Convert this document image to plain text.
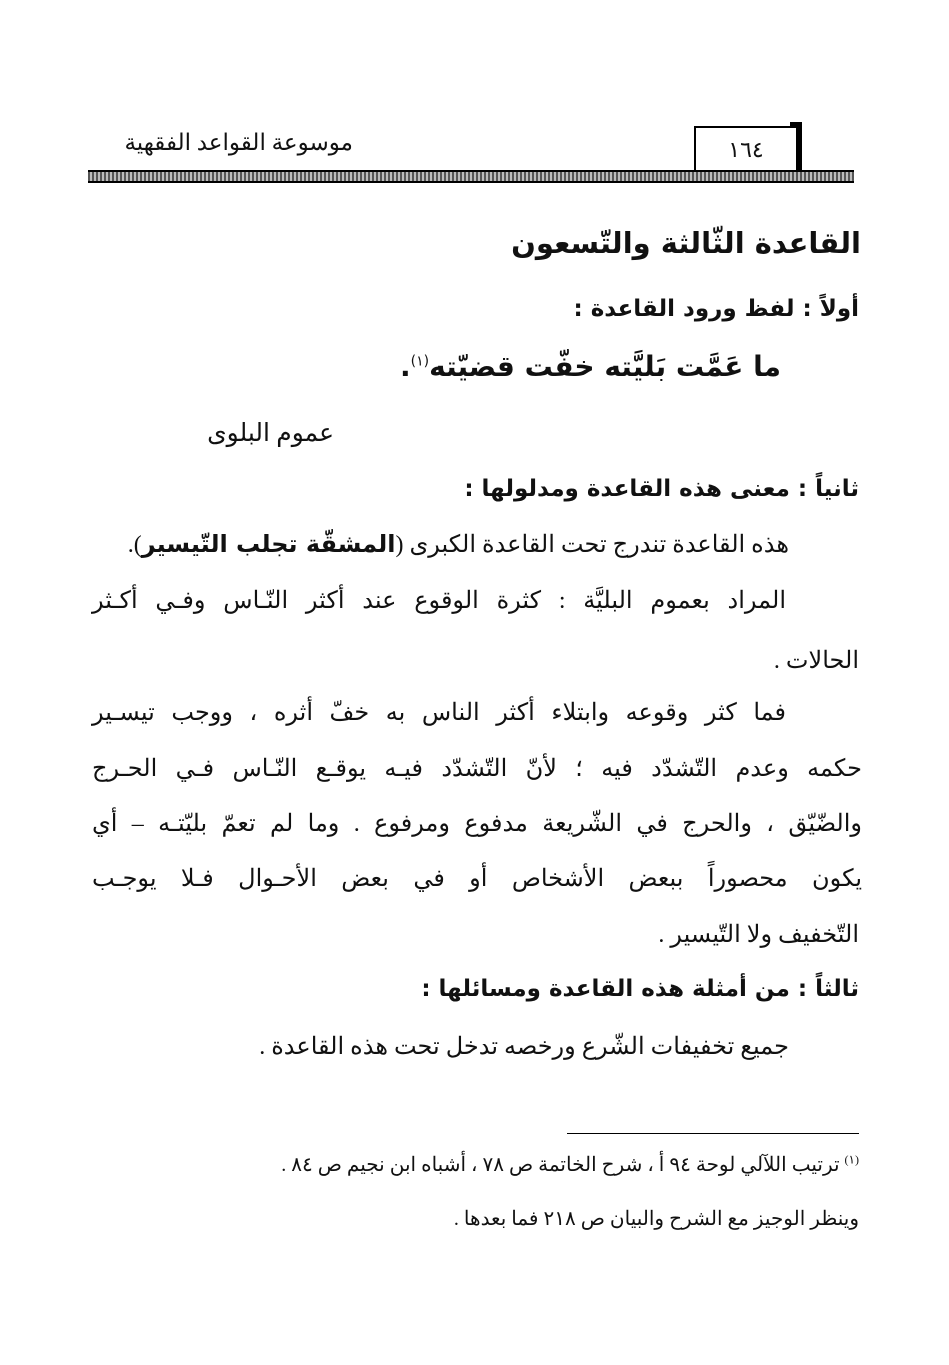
موسوعة القواعد الفقهية	١٦٤
القاعدة الثّالثة والتّسعون
أولاً : لفظ ورود القاعدة :
ما عَمَّت بَليَّته خفّت قضيّته$^{(١)}$.
عموم البلوى
ثانياً : معنى هذه القاعدة ومدلولها :
هذه القاعدة تندرج تحت القاعدة الكبرى (المشقّة تجلب التّيسير).
المراد بعموم البليَّة : كثرة الوقوع عند أكثر النّـاس وفـي أكـثر
الحالات .
فما كثر وقوعه وابتلاء أكثر الناس به خفّ أثره ، ووجب تيسـير
حكمه وعدم التّشدّد فيه ؛ لأنّ التّشدّد فيـه يوقـع النّـاس فـي الحـرج
والضّيّق ، والحرج في الشّريعة مدفوع ومرفوع . وما لم تعمّ بليّتـه – أي
يكون محصوراً ببعض الأشخاص أو في بعض الأحـوال فـلا يوجـب
التّخفيف ولا التّيسير .
ثالثاً : من أمثلة هذه القاعدة ومسائلها :
جميع تخفيفات الشّرع ورخصه تدخل تحت هذه القاعدة .
$^{(١)}$ ترتيب اللآلي لوحة ٩٤ أ ، شرح الخاتمة ص ٧٨ ، أشباه ابن نجيم ص ٨٤ .
وينظر الوجيز مع الشرح والبيان ص ٢١٨ فما بعدها .
